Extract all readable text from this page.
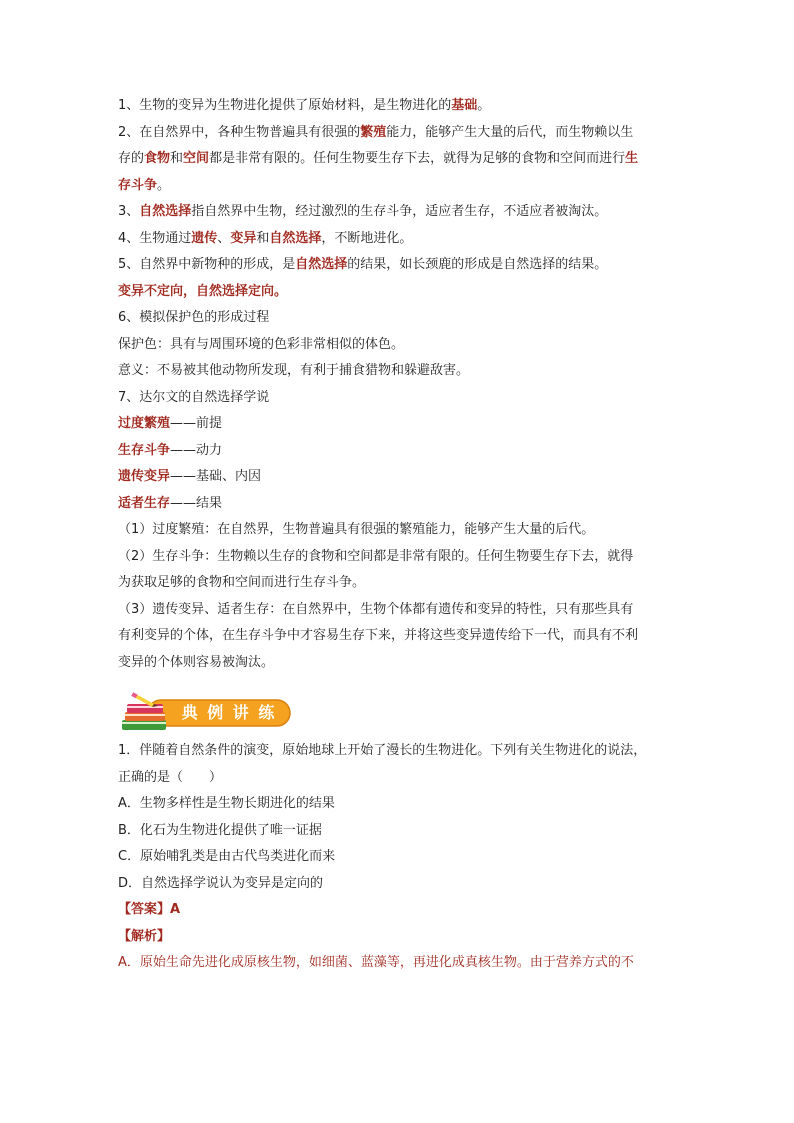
1、生物的变异为生物进化提供了原始材料，是生物进化的基础。
2、在自然界中，各种生物普遍具有很强的繁殖能力，能够产生大量的后代，而生物赖以生
存的食物和空间都是非常有限的。任何生物要生存下去，就得为足够的食物和空间而进行生
存斗争。
3、自然选择指自然界中生物，经过激烈的生存斗争，适应者生存，不适应者被淘汰。
4、生物通过遗传、变异和自然选择，不断地进化。
5、自然界中新物种的形成，是自然选择的结果，如长颈鹿的形成是自然选择的结果。
变异不定向，自然选择定向。
6、模拟保护色的形成过程
保护色：具有与周围环境的色彩非常相似的体色。
意义：不易被其他动物所发现，有利于捕食猎物和躲避敌害。
7、达尔文的自然选择学说
过度繁殖——前提
生存斗争——动力
遗传变异——基础、内因
适者生存——结果
（1）过度繁殖：在自然界，生物普遍具有很强的繁殖能力，能够产生大量的后代。
（2）生存斗争：生物赖以生存的食物和空间都是非常有限的。任何生物要生存下去，就得
为获取足够的食物和空间而进行生存斗争。
（3）遗传变异、适者生存：在自然界中，生物个体都有遗传和变异的特性，只有那些具有
有利变异的个体，在生存斗争中才容易生存下来，并将这些变异遗传给下一代，而具有不利
变异的个体则容易被淘汰。
典 例 讲 练
1．伴随着自然条件的演变，原始地球上开始了漫长的生物进化。下列有关生物进化的说法，
正确的是（　　）
A．生物多样性是生物长期进化的结果
B．化石为生物进化提供了唯一证据
C．原始哺乳类是由古代鸟类进化而来
D．自然选择学说认为变异是定向的
【答案】A
【解析】
A．原始生命先进化成原核生物，如细菌、蓝藻等，再进化成真核生物。由于营养方式的不
